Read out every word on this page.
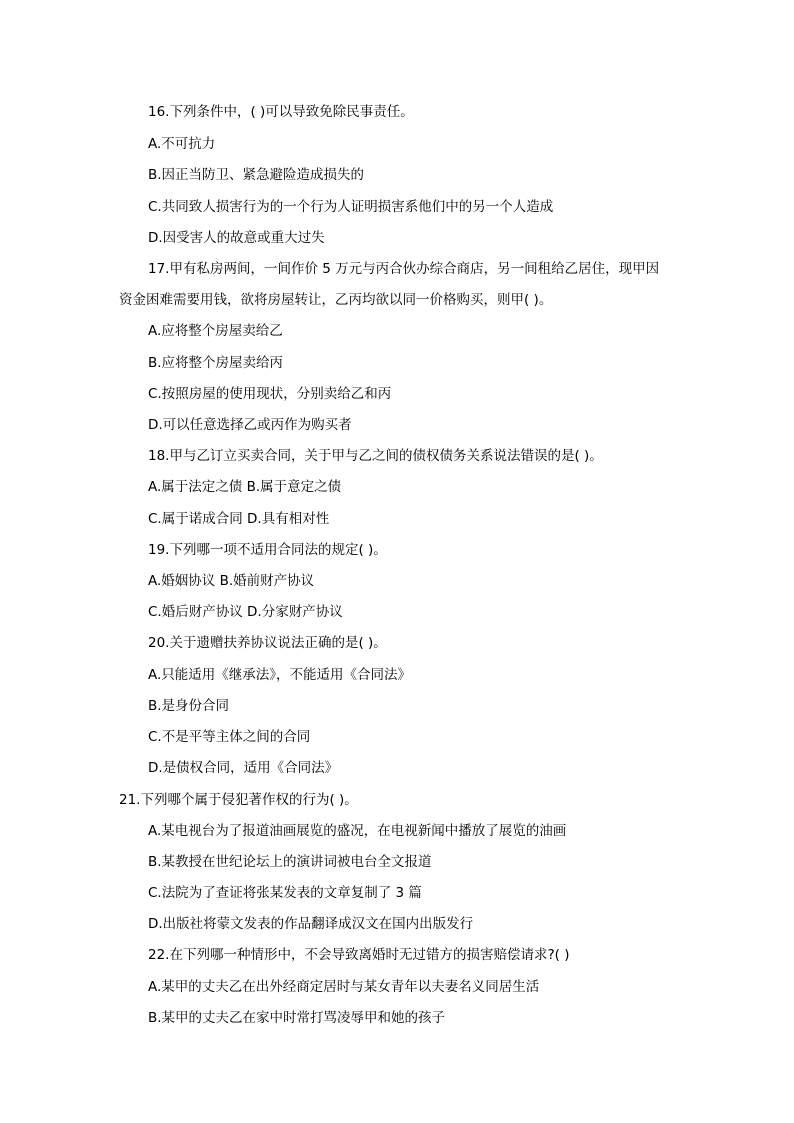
16.下列条件中，( )可以导致免除民事责任。
A.不可抗力
B.因正当防卫、紧急避险造成损失的
C.共同致人损害行为的一个行为人证明损害系他们中的另一个人造成
D.因受害人的故意或重大过失
17.甲有私房两间，一间作价 5 万元与丙合伙办综合商店，另一间租给乙居住，现甲因
资金困难需要用钱，欲将房屋转让，乙丙均欲以同一价格购买，则甲( )。
A.应将整个房屋卖给乙
B.应将整个房屋卖给丙
C.按照房屋的使用现状，分别卖给乙和丙
D.可以任意选择乙或丙作为购买者
18.甲与乙订立买卖合同，关于甲与乙之间的债权债务关系说法错误的是( )。
A.属于法定之债 B.属于意定之债
C.属于诺成合同 D.具有相对性
19.下列哪一项不适用合同法的规定( )。
A.婚姻协议 B.婚前财产协议
C.婚后财产协议 D.分家财产协议
20.关于遗赠扶养协议说法正确的是( )。
A.只能适用《继承法》，不能适用《合同法》
B.是身份合同
C.不是平等主体之间的合同
D.是债权合同，适用《合同法》
21.下列哪个属于侵犯著作权的行为( )。
A.某电视台为了报道油画展览的盛况，在电视新闻中播放了展览的油画
B.某教授在世纪论坛上的演讲词被电台全文报道
C.法院为了查证将张某发表的文章复制了 3 篇
D.出版社将蒙文发表的作品翻译成汉文在国内出版发行
22.在下列哪一种情形中，不会导致离婚时无过错方的损害赔偿请求?( )
A.某甲的丈夫乙在出外经商定居时与某女青年以夫妻名义同居生活
B.某甲的丈夫乙在家中时常打骂凌辱甲和她的孩子
